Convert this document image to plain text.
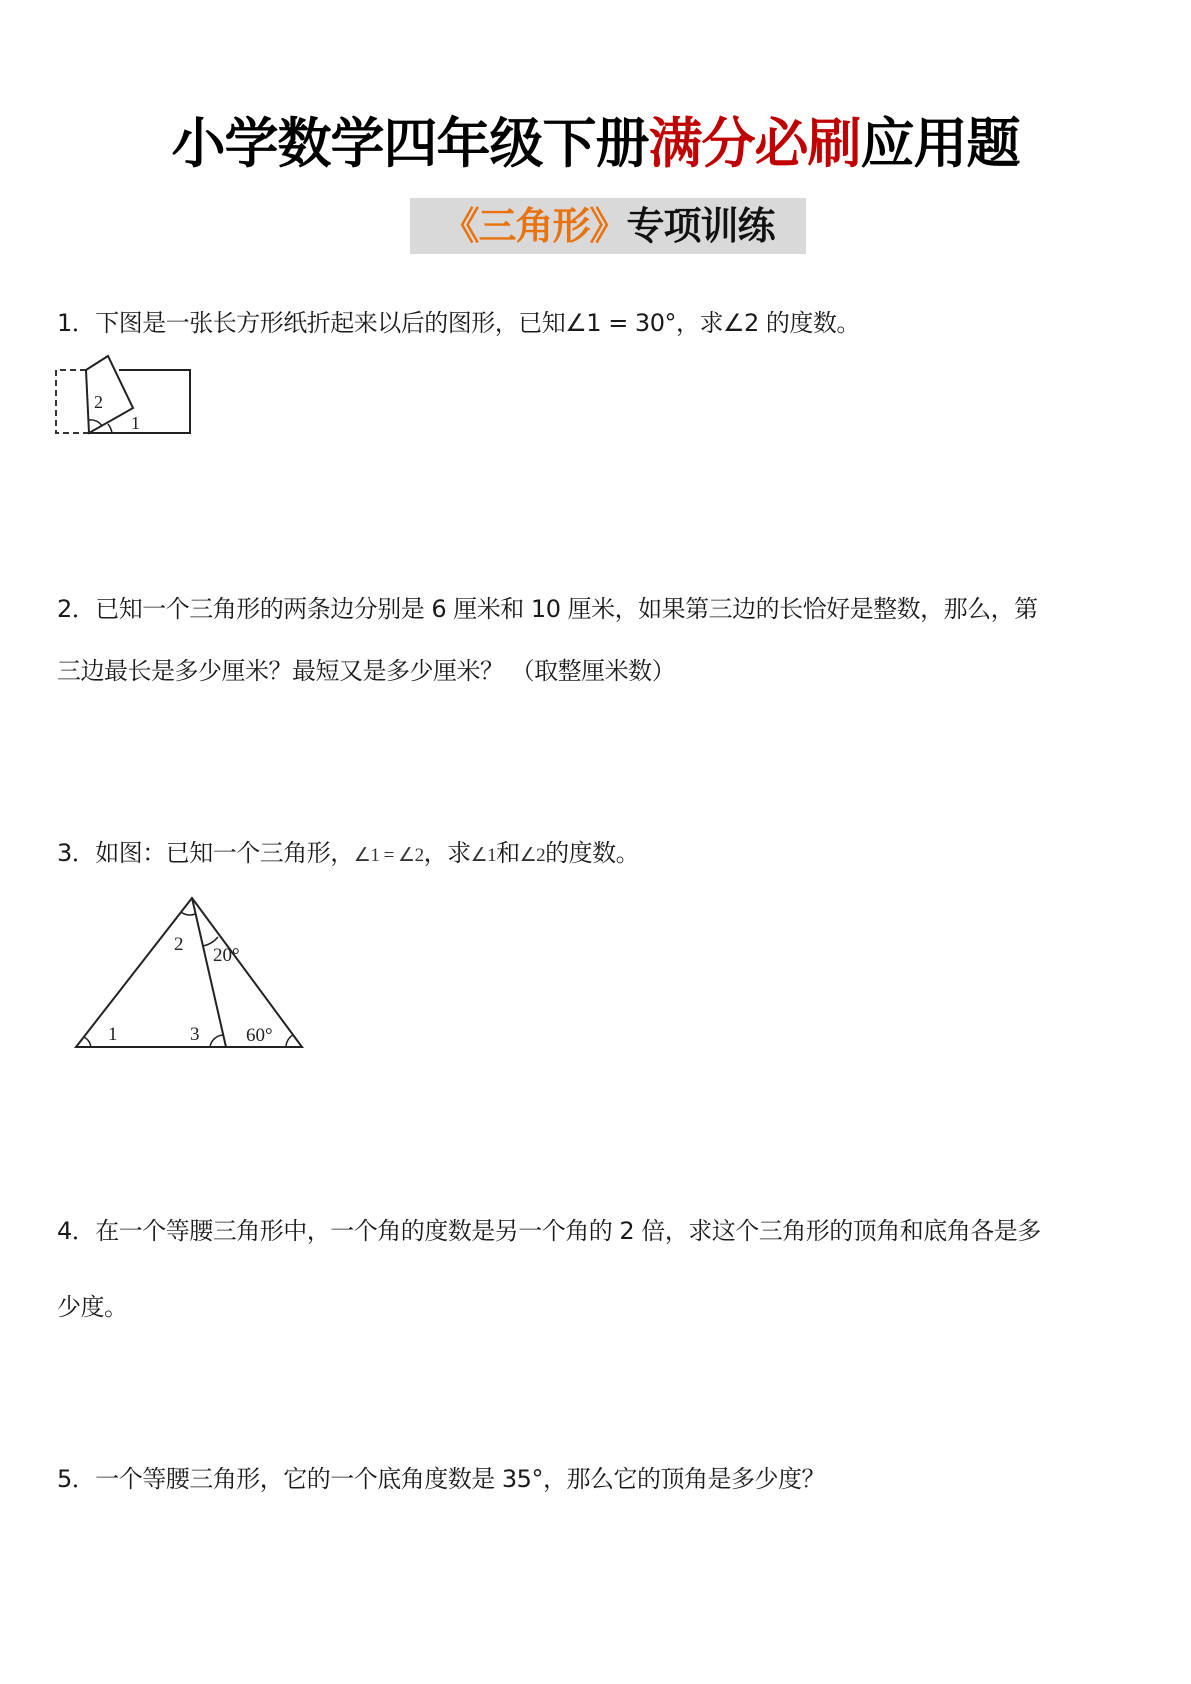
小学数学四年级下册满分必刷应用题
《三角形》 专项训练

1．下图是一张长方形纸折起来以后的图形，已知∠1 = 30°，求∠2 的度数。

2
1

2．已知一个三角形的两条边分别是 6 厘米和 10 厘米，如果第三边的长恰好是整数，那么，第

三边最长是多少厘米？最短又是多少厘米？ （取整厘米数）

3．如图：已知一个三角形，∠1 = ∠2，求∠1和∠2的度数。

1
2
3
20°
60°

4．在一个等腰三角形中，一个角的度数是另一个角的 2 倍，求这个三角形的顶角和底角各是多

少度。

5．一个等腰三角形，它的一个底角度数是 35°，那么它的顶角是多少度？
